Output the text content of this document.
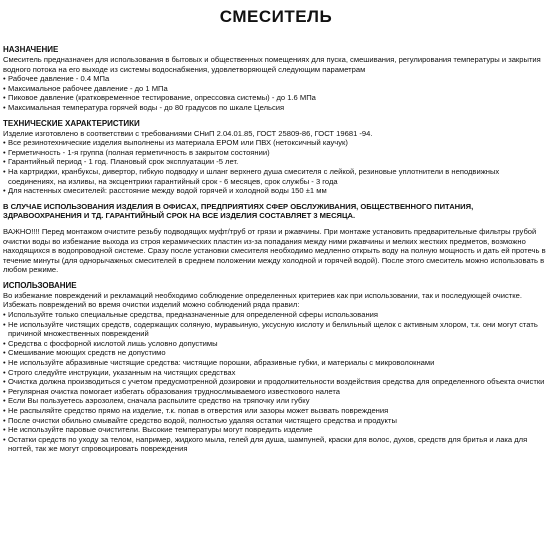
СМЕСИТЕЛЬ
НАЗНАЧЕНИЕ
Смеситель предназначен для использования в бытовых и общественных помещениях для пуска, смешивания, регулирования температуры и закрытия водного потока на его выходе из системы водоснабжения, удовлетворяющей следующим параметрам
• Рабочее давление - 0.4 МПа
• Максимальное рабочее давление - до 1 МПа
• Пиковое давление (кратковременное тестирование, опрессовка системы) - до 1.6 МПа
• Максимальная температура горячей воды - до 80 градусов по шкале Цельсия
ТЕХНИЧЕСКИЕ ХАРАКТЕРИСТИКИ
Изделие изготовлено в соответствии с требованиями СНиП 2.04.01.85, ГОСТ 25809-86, ГОСТ 19681 -94.
• Все резинотехнические изделия выполнены из материала EPOM или ПВХ (нетоксичный каучук)
• Герметичность - 1-я группа (полная герметичность в закрытом состоянии)
• Гарантийный период - 1 год. Плановый срок эксплуатации -5 лет.
• На картриджи, кранбуксы, дивертор, гибкую подводку и шланг верхнего душа смесителя с лейкой, резиновые уплотнители в неподвижных соединениях, на изливы, на эксцентрики гарантийный срок - 6 месяцев, срок службы - 3 года
• Для настенных смесителей: расстояние между водой горячей и холодной воды 150 ±1 мм
В СЛУЧАЕ ИСПОЛЬЗОВАНИЯ ИЗДЕЛИЯ В ОФИСАХ, ПРЕДПРИЯТИЯХ СФЕР ОБСЛУЖИВАНИЯ, ОБЩЕСТВЕННОГО ПИТАНИЯ, ЗДРАВООХРАНЕНИЯ И ТД. ГАРАНТИЙНЫЙ СРОК НА ВСЕ ИЗДЕЛИЯ СОСТАВЛЯЕТ 3 МЕСЯЦА.
ВАЖНО!!!! Перед монтажом очистите резьбу подводящих муфт/труб от грязи и ржавчины. При монтаже установить предварительные фильтры грубой очистки воды во избежание выхода из строя керамических пластин из-за попадания между ними ржавчины и мелких жестких предметов, возможно находящихся в водопроводной системе. Сразу после установки смесителя необходимо медленно открыть воду на полную мощность и дать ей протечь в течение минуты (для однорычажных смесителей в среднем положении между холодной и горячей водой). После этого смеситель можно использовать в любом режиме.
ИСПОЛЬЗОВАНИЕ
Во избежание повреждений и рекламаций необходимо соблюдение определенных критериев как при использовании, так и последующей очистке. Избежать повреждений во время очистки изделий можно соблюдений ряда правил:
• Используйте только специальные средства, предназначенные для определенной сферы использования
• Не используйте чистящих средств, содержащих соляную, муравьиную, уксусную кислоту и белильный щелок с активным хлором, т.к. они могут стать причиной множественных повреждений
• Средства с фосфорной кислотой лишь условно допустимы
• Смешивание моющих средств не допустимо
• Не используйте абразивные чистящие средства: чистящие порошки, абразивные губки, и материалы с микроволокнами
• Строго следуйте инструкции, указанным на чистящих средствах
• Очистка должна производиться с учетом предусмотренной дозировки и продолжительности воздействия средства для определенного объекта очистки
• Регулярная очистка помогает избегать образования труднослмываемого известкового налета
• Если Вы пользуетесь аэрозолем, сначала распылите средство на тряпочку или губку
• Не распыляйте средство прямо на изделие, т.к. попав в отверстия или зазоры может вызвать повреждения
• После очистки обильно смывайте средство водой, полностью удаляя остатки чистящего средства и продукты
• Не используйте паровые очистители. Высокие температуры могут повредить изделие
• Остатки средств по уходу за телом, например, жидкого мыла, гелей для душа, шампуней, краски для волос, духов, средств для бритья и лака для ногтей, так же могут спровоцировать повреждения
